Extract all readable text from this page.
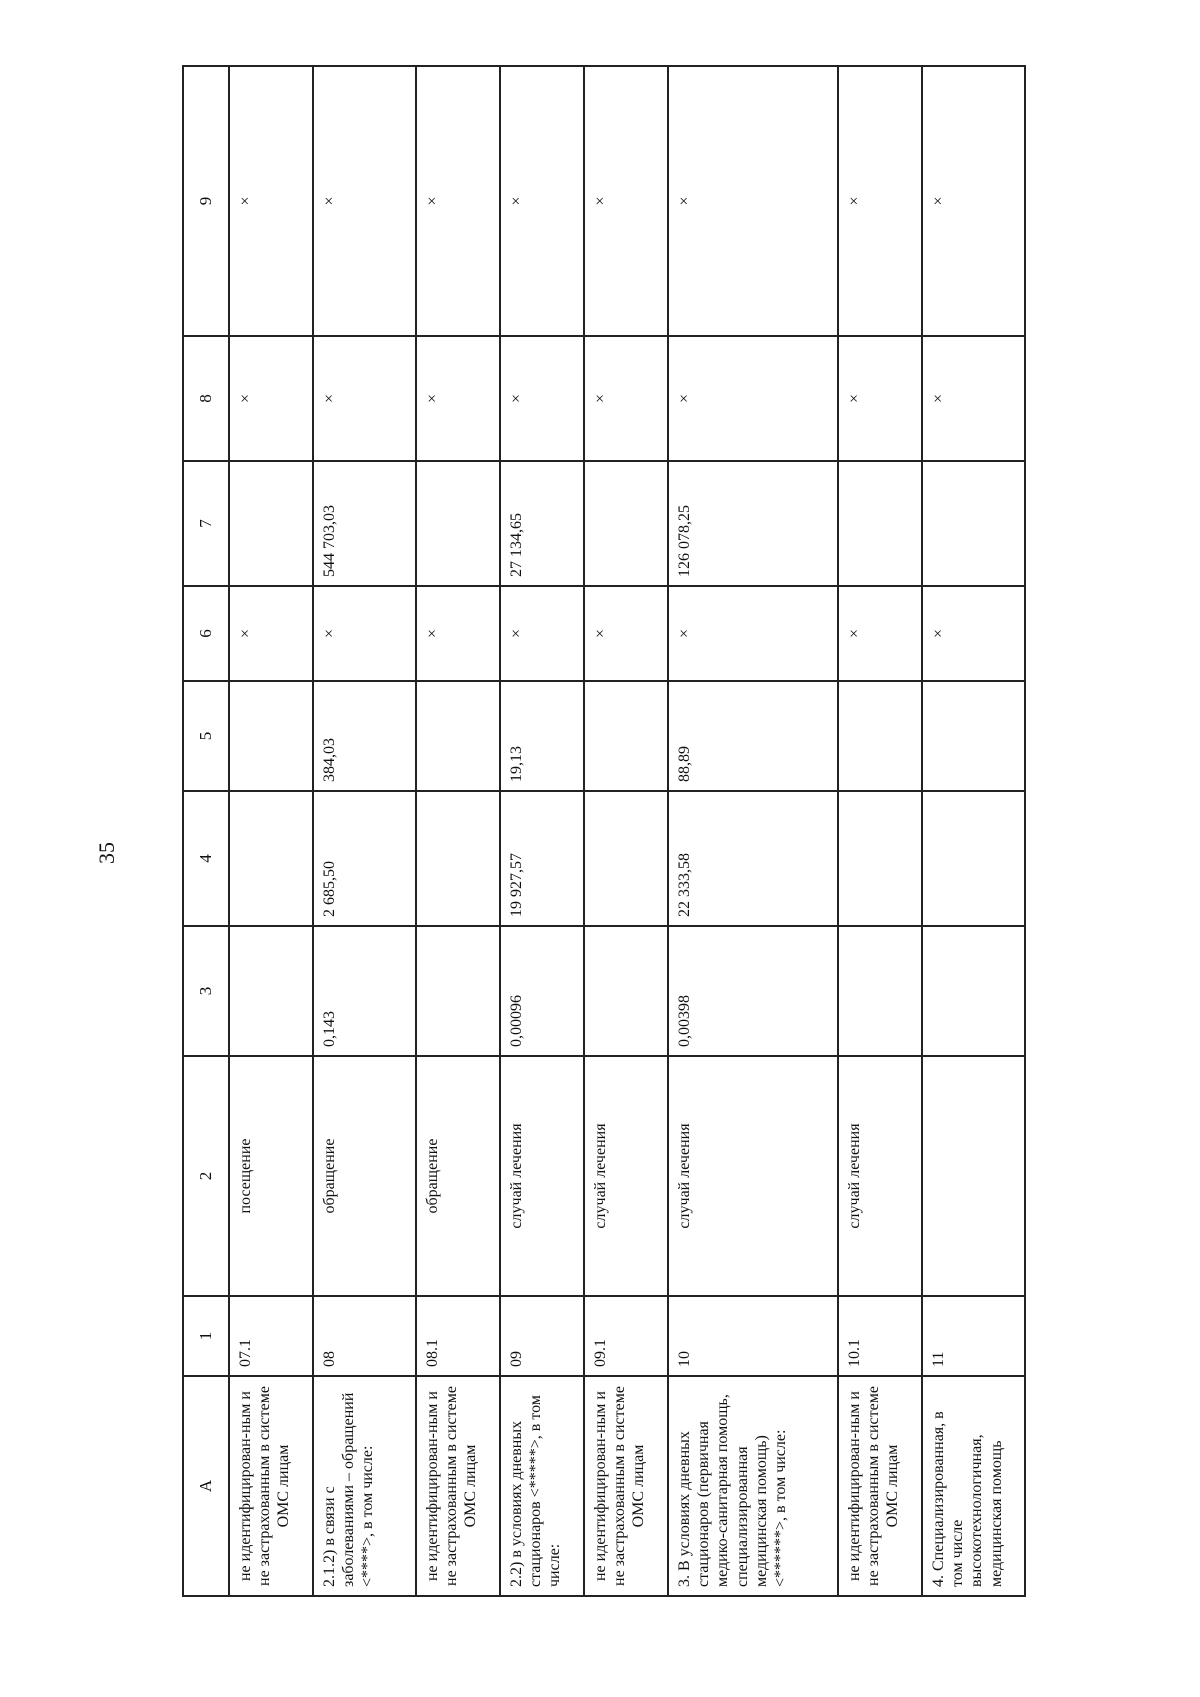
35
A	1	2	3	4	5	6	7	8	9
не идентифицирован-ным и не застрахованным в системе ОМС лицам	07.1	посещение				×		×	×
2.1.2) в связи с заболеваниями – обращений <****>, в том числе:	08	обращение	0,143	2 685,50	384,03	×	544 703,03	×	×
не идентифицирован-ным и не застрахованным в системе ОМС лицам	08.1	обращение				×		×	×
2.2) в условиях дневных стационаров <*****>, в том числе:	09	случай лечения	0,00096	19 927,57	19,13	×	27 134,65	×	×
не идентифицирован-ным и не застрахованным в системе ОМС лицам	09.1	случай лечения				×		×	×
3. В условиях дневных стационаров (первичная медико-санитарная помощь, специализированная медицинская помощь) <******>, в том числе:	10	случай лечения	0,00398	22 333,58	88,89	×	126 078,25	×	×
не идентифицирован-ным и не застрахованным в системе ОМС лицам	10.1	случай лечения				×		×	×
4. Специализированная, в том числе высокотехнологичная, медицинская помощь	11					×		×	×
